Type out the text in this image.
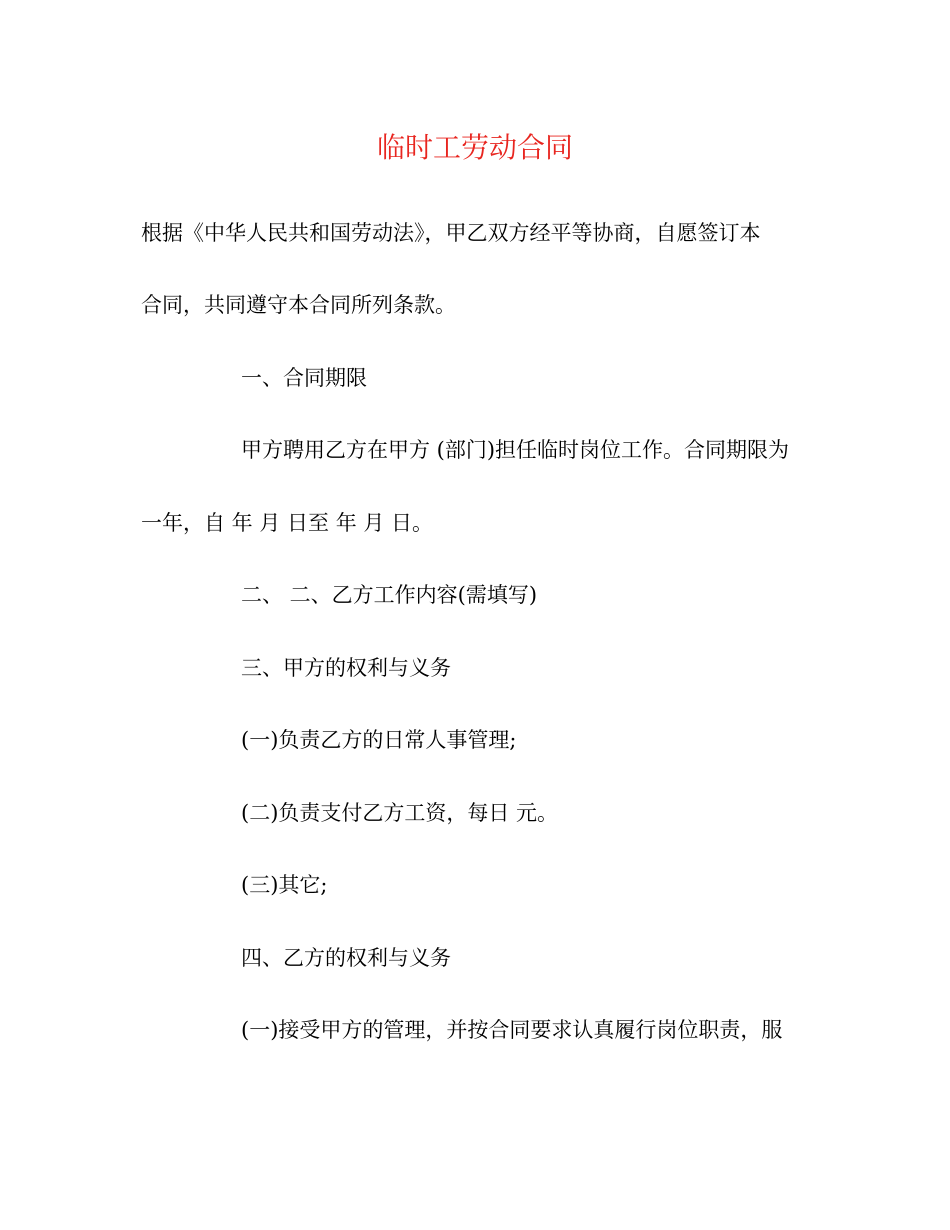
临时工劳动合同
根据《中华人民共和国劳动法》，甲乙双方经平等协商，自愿签订本
合同，共同遵守本合同所列条款。
一、合同期限
甲方聘用乙方在甲方 (部门)担任临时岗位工作。合同期限为
一年，自 年 月 日至 年 月 日。
二、 二、乙方工作内容(需填写)
三、甲方的权利与义务
(一)负责乙方的日常人事管理;
(二)负责支付乙方工资，每日 元。
(三)其它;
四、乙方的权利与义务
(一)接受甲方的管理，并按合同要求认真履行岗位职责，服
